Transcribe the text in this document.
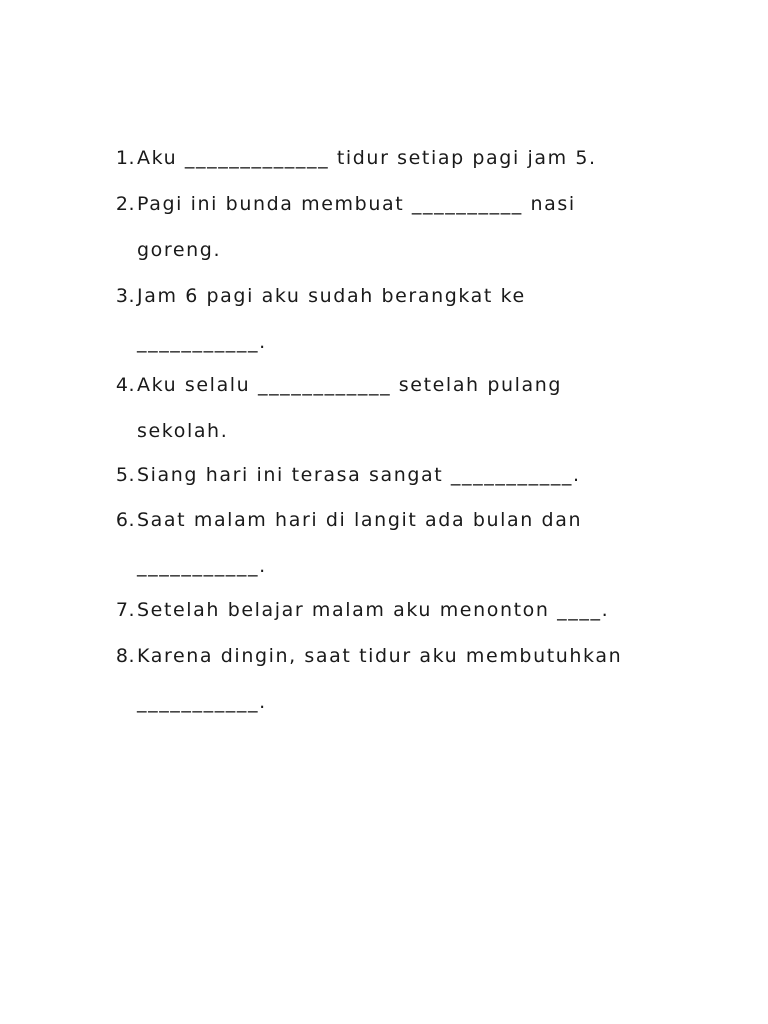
1. Aku _____________ tidur setiap pagi jam 5.
2. Pagi ini bunda membuat __________ nasi
goreng.
3. Jam 6 pagi aku sudah berangkat ke
___________.
4. Aku selalu ____________ setelah pulang
sekolah.
5. Siang hari ini terasa sangat ___________.
6. Saat malam hari di langit ada bulan dan
___________.
7. Setelah belajar malam aku menonton ____.
8. Karena dingin, saat tidur aku membutuhkan
___________.
